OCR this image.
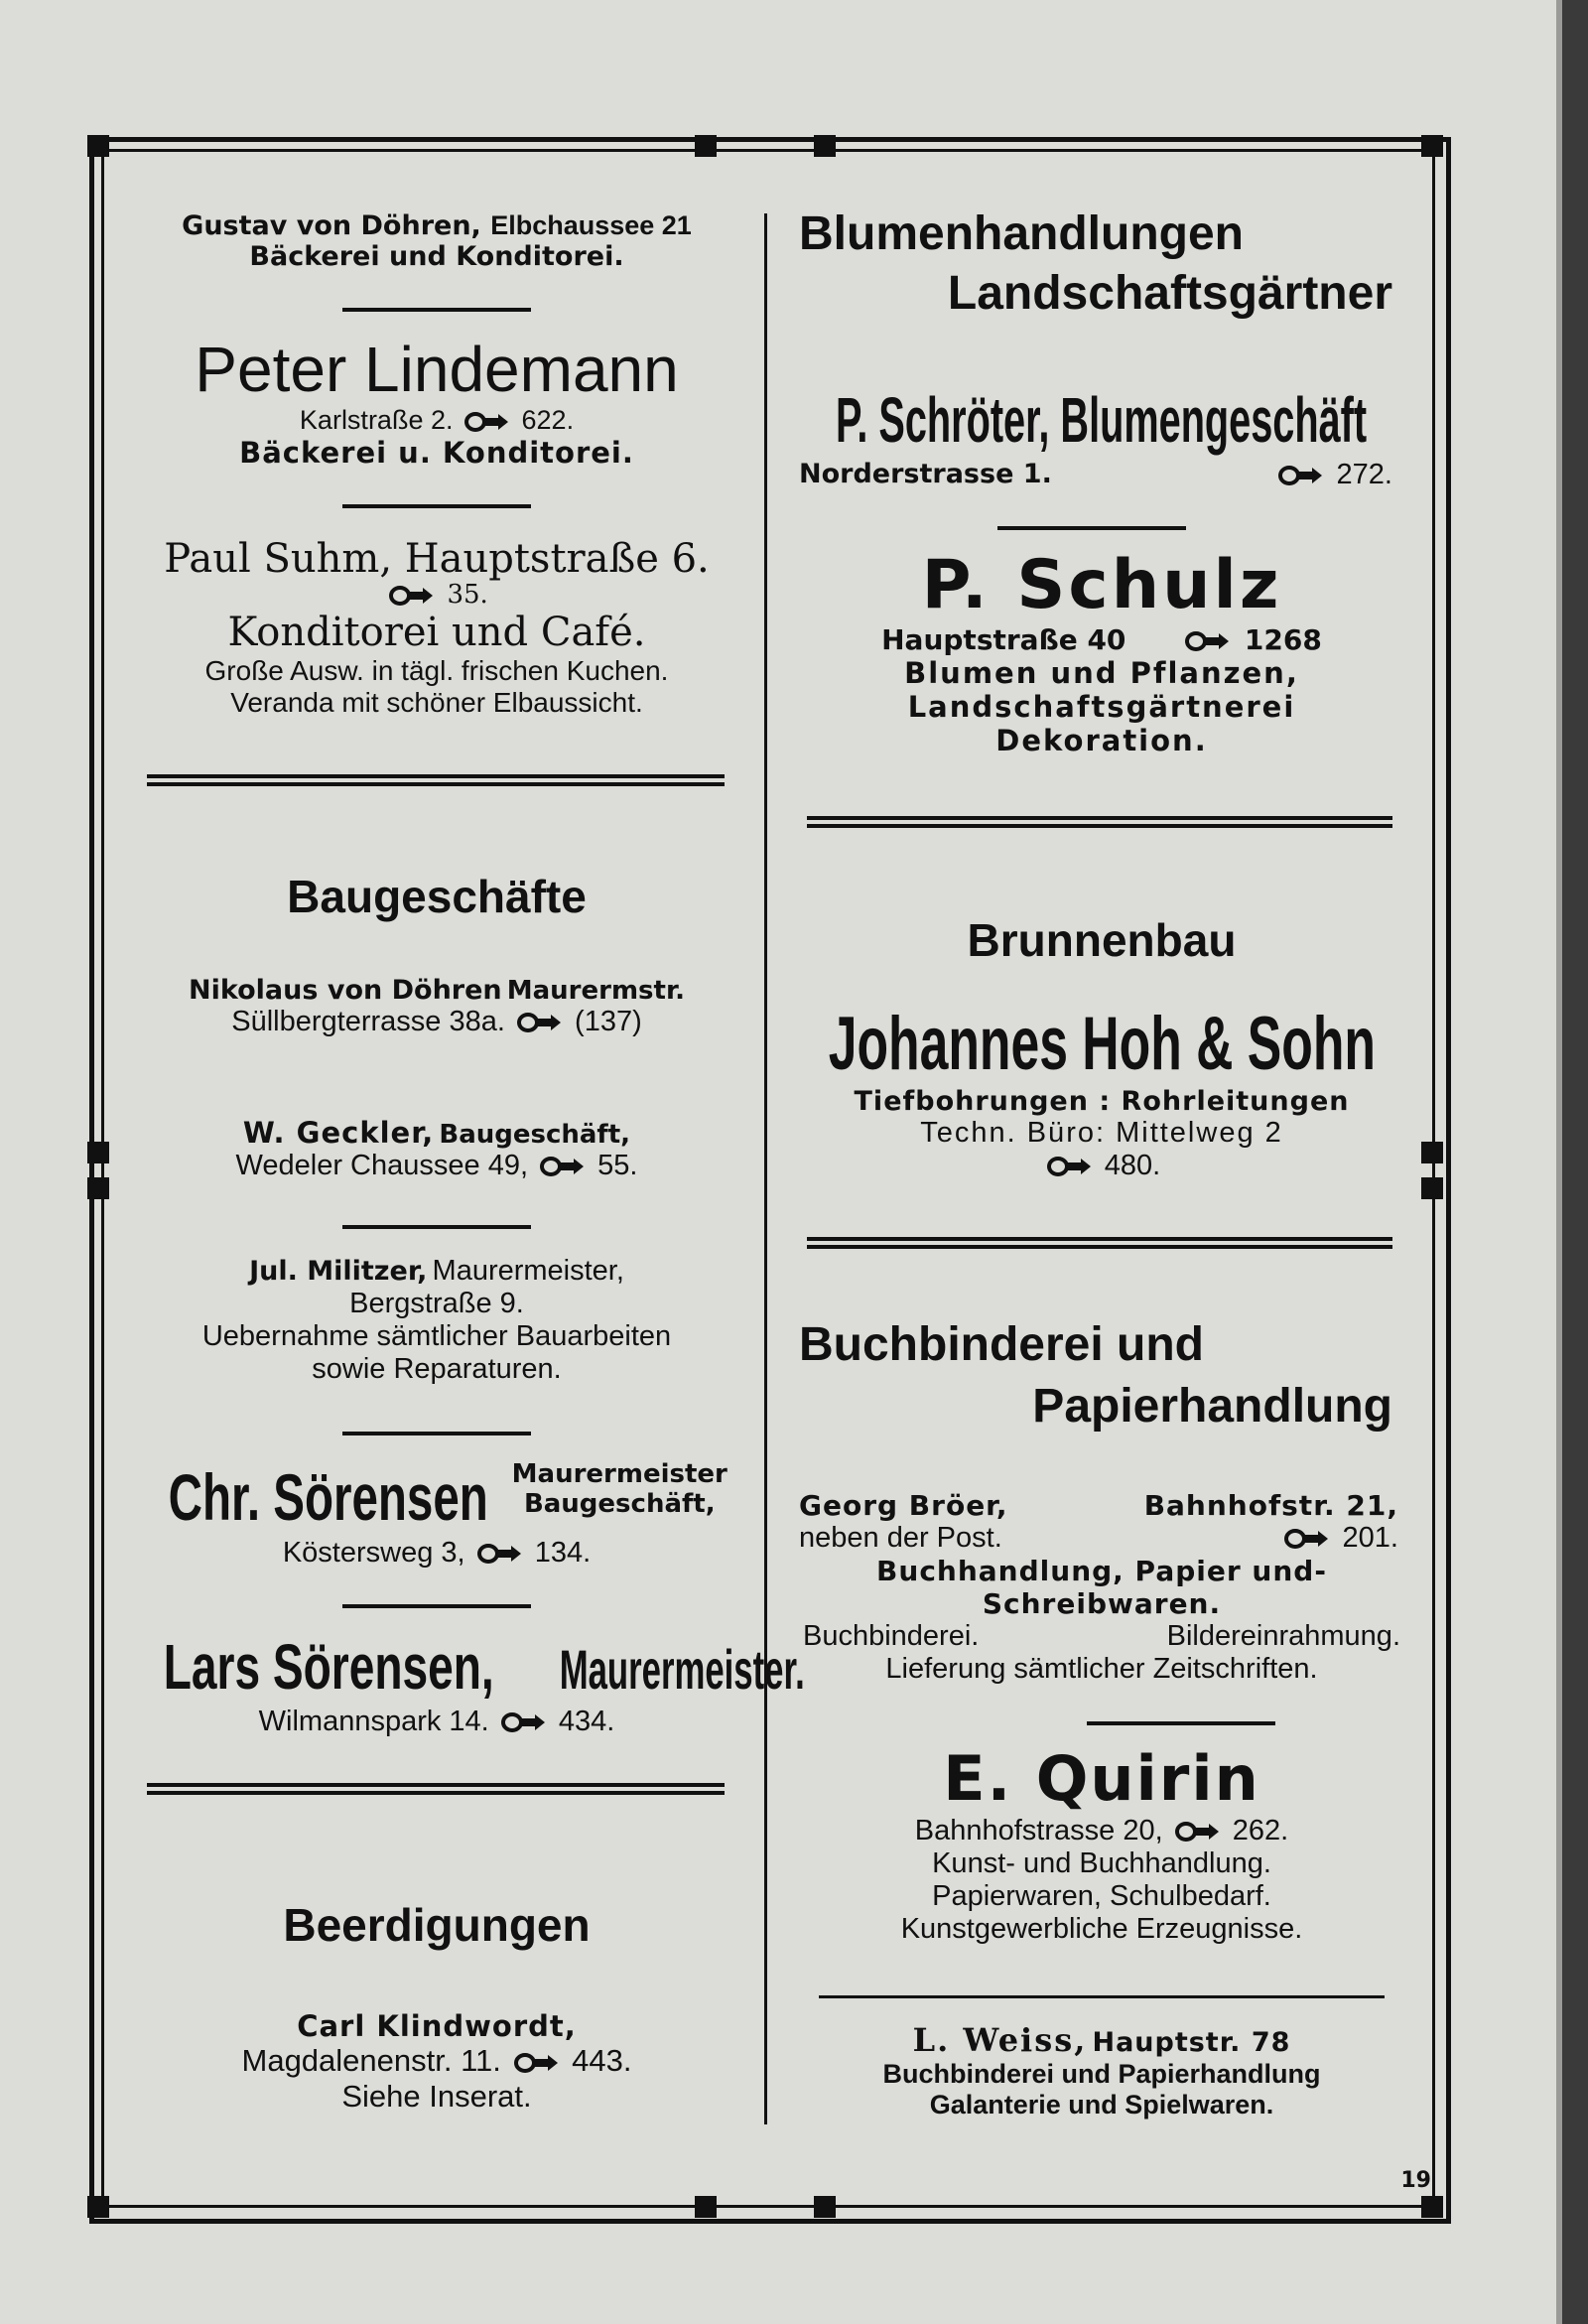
Gustav von Döhren, Elbchaussee 21
Bäckerei und Konditorei.
Peter Lindemann
Karlstraße 2.	622.
Bäckerei u. Konditorei.
Paul Suhm, Hauptstraße 6.
35.
Konditorei und Café.
Große Ausw. in tägl. frischen Kuchen.
Veranda mit schöner Elbaussicht.
Baugeschäfte
Nikolaus von Döhren Maurermstr.
Süllbergterrasse 38a. (137)
W. Geckler, Baugeschäft,
Wedeler Chaussee 49, 55.
Jul. Militzer, Maurermeister,
Bergstraße 9.
Uebernahme sämtlicher Bauarbeiten
sowie Reparaturen.
Chr. Sörensen Maurermeister
Baugeschäft,
Köstersweg 3, 134.
Lars Sörensen, Maurermeister.
Wilmannspark 14. 434.
Beerdigungen
Carl Klindwordt,
Magdalenenstr. 11. 443.
Siehe Inserat.
Blumenhandlungen
Landschaftsgärtner
P. Schröter, Blumengeschäft
Norderstrasse 1.	272.
P. Schulz
Hauptstraße 40	1268
Blumen und Pflanzen,
Landschaftsgärtnerei
Dekoration.
Brunnenbau
Johannes Hoh & Sohn
Tiefbohrungen : Rohrleitungen
Techn. Büro: Mittelweg 2
480.
Buchbinderei und
Papierhandlung
Georg Bröer,	Bahnhofstr. 21,
neben der Post.	201.
Buchhandlung, Papier und-
Schreibwaren.
Buchbinderei.	Bildereinrahmung.
Lieferung sämtlicher Zeitschriften.
E. Quirin
Bahnhofstrasse 20, 262.
Kunst- und Buchhandlung.
Papierwaren, Schulbedarf.
Kunstgewerbliche Erzeugnisse.
L. Weiss, Hauptstr. 78
Buchbinderei und Papierhandlung
Galanterie und Spielwaren.
19
